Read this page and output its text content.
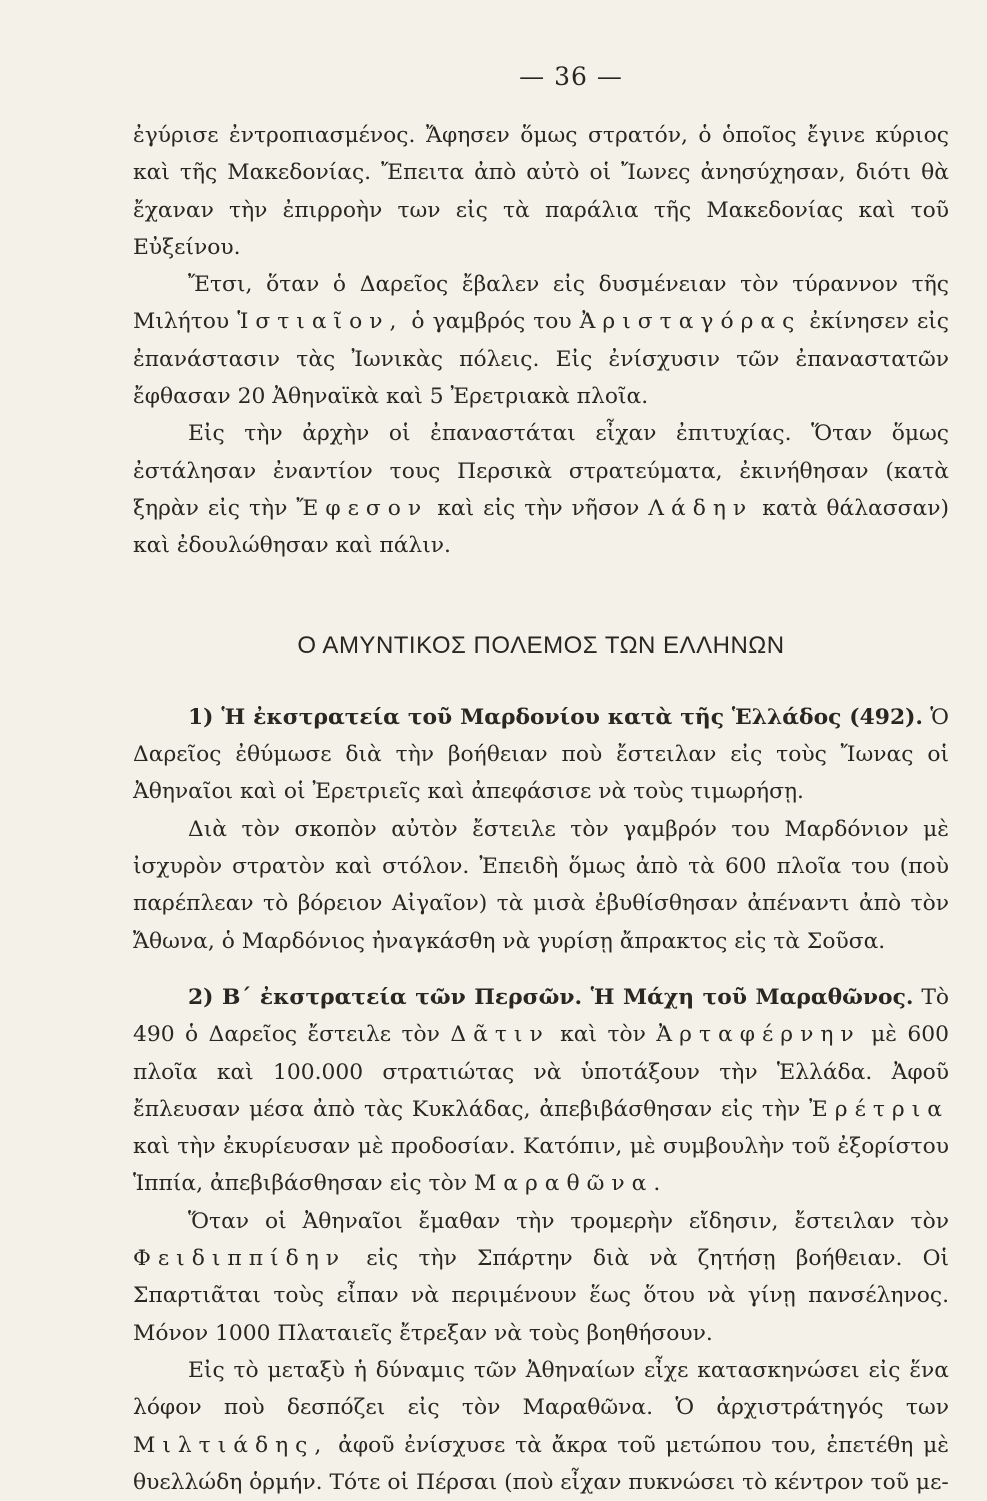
— 36 —

ἐγύρισε ἐντροπιασμένος. Ἄφησεν ὅμως στρατόν, ὁ ὁποῖος ἔγινε κύριος καὶ τῆς Μακεδονίας. Ἔπειτα ἀπὸ αὐτὸ οἱ Ἴωνες ἀνησύχησαν, διότι θὰ ἔχαναν τὴν ἐπιρροὴν των εἰς τὰ παράλια τῆς Μακεδονίας καὶ τοῦ Εὐξείνου.

Ἔτσι, ὅταν ὁ Δαρεῖος ἔβαλεν εἰς δυσμένειαν τὸν τύραννον τῆς Μιλήτου Ἱστιαῖον, ὁ γαμβρός του Ἀρισταγόρας ἐκίνησεν εἰς ἐπανάστασιν τὰς Ἰωνικὰς πόλεις. Εἰς ἐνίσχυσιν τῶν ἐπαναστατῶν ἔφθασαν 20 Ἀθηναϊκὰ καὶ 5 Ἐρετριακὰ πλοῖα.

Εἰς τὴν ἀρχὴν οἱ ἐπαναστάται εἶχαν ἐπιτυχίας. Ὅταν ὅμως ἐστάλησαν ἐναντίον τους Περσικὰ στρατεύματα, ἐκινήθησαν (κατὰ ξηρὰν εἰς τὴν Ἔφεσον καὶ εἰς τὴν νῆσον Λάδην κατὰ θάλασσαν) καὶ ἐδουλώθησαν καὶ πάλιν.

Ο ΑΜΥΝΤΙΚΟΣ ΠΟΛΕΜΟΣ ΤΩΝ ΕΛΛΗΝΩΝ

1) Ἡ ἐκστρατεία τοῦ Μαρδονίου κατὰ τῆς Ἑλλάδος (492). Ὁ Δαρεῖος ἐθύμωσε διὰ τὴν βοήθειαν ποὺ ἔστειλαν εἰς τοὺς Ἴωνας οἱ Ἀθηναῖοι καὶ οἱ Ἐρετριεῖς καὶ ἀπεφάσισε νὰ τοὺς τιμωρήσῃ.

Διὰ τὸν σκοπὸν αὐτὸν ἔστειλε τὸν γαμβρόν του Μαρδόνιον μὲ ἰσχυρὸν στρατὸν καὶ στόλον. Ἐπειδὴ ὅμως ἀπὸ τὰ 600 πλοῖα του (ποὺ παρέπλεαν τὸ βόρειον Αἰγαῖον) τὰ μισὰ ἐβυθίσθησαν ἀπέναντι ἀπὸ τὸν Ἄθωνα, ὁ Μαρδόνιος ἠναγκάσθη νὰ γυρίσῃ ἄπρακτος εἰς τὰ Σοῦσα.

2) Β΄ ἐκστρατεία τῶν Περσῶν. Ἡ Μάχη τοῦ Μαραθῶνος. Τὸ 490 ὁ Δαρεῖος ἔστειλε τὸν Δᾶτιν καὶ τὸν Ἀρταφέρνην μὲ 600 πλοῖα καὶ 100.000 στρατιώτας νὰ ὑποτάξουν τὴν Ἑλλάδα. Ἀφοῦ ἔπλευσαν μέσα ἀπὸ τὰς Κυκλάδας, ἀπεβιβάσθησαν εἰς τὴν Ἐρέτρια καὶ τὴν ἐκυρίευσαν μὲ προδοσίαν. Κατόπιν, μὲ συμβουλὴν τοῦ ἐξορίστου Ἱππία, ἀπεβιβάσθησαν εἰς τὸν Μαραθῶνα.

Ὅταν οἱ Ἀθηναῖοι ἔμαθαν τὴν τρομερὴν εἴδησιν, ἔστειλαν τὸν Φειδιππίδην εἰς τὴν Σπάρτην διὰ νὰ ζητήσῃ βοήθειαν. Οἱ Σπαρτιᾶται τοὺς εἶπαν νὰ περιμένουν ἕως ὅτου νὰ γίνῃ πανσέληνος. Μόνον 1000 Πλαταιεῖς ἔτρεξαν νὰ τοὺς βοηθήσουν.

Εἰς τὸ μεταξὺ ἡ δύναμις τῶν Ἀθηναίων εἶχε κατασκηνώσει εἰς ἕνα λόφον ποὺ δεσπόζει εἰς τὸν Μαραθῶνα. Ὁ ἀρχιστράτηγός των Μιλτιάδης, ἀφοῦ ἐνίσχυσε τὰ ἄκρα τοῦ μετώπου του, ἐπετέθη μὲ θυελλώδη ὁρμήν. Τότε οἱ Πέρσαι (ποὺ εἶχαν πυκνώσει τὸ κέντρον τοῦ με-
